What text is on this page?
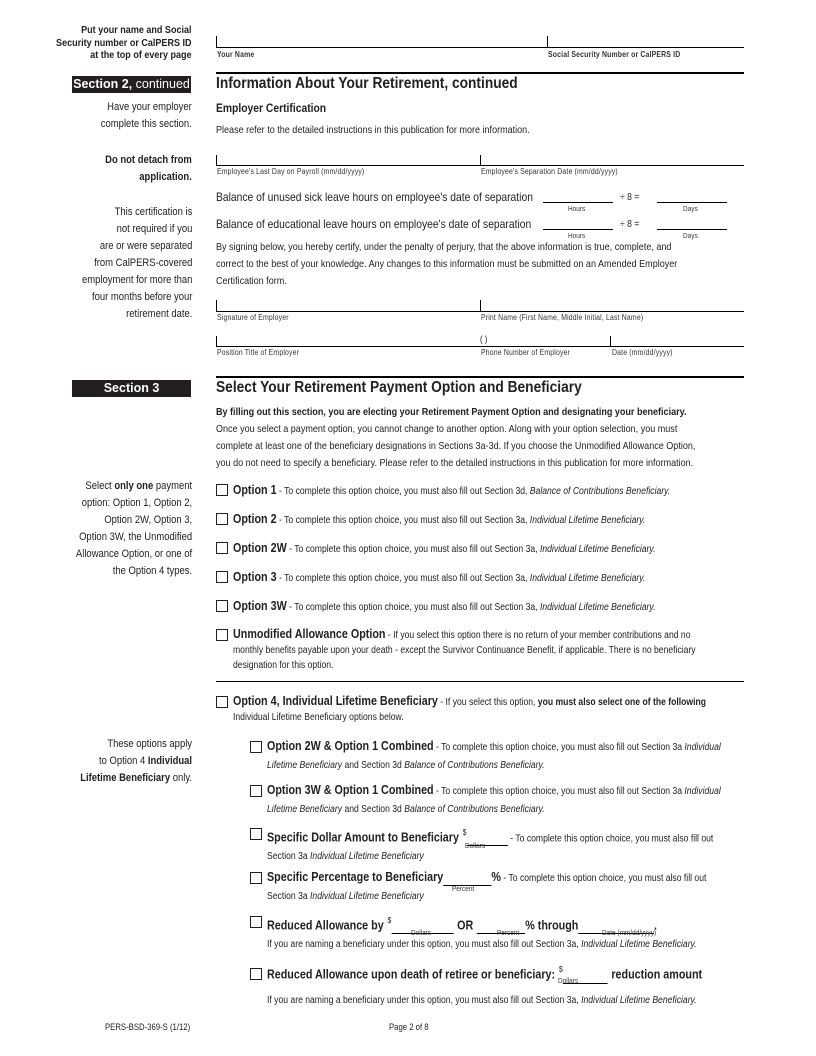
Put your name and Social
Security number or CalPERS ID
at the top of every page	Your Name	Social Security Number or CalPERS ID
Section 2, continued Information About Your Retirement, continued
Have your employer
complete this section.
Do not detach from
application.
This certification is
not required if you
are or were separated
from CalPERS-covered
employment for more than
four months before your
retirement date.
Employer Certification
Please refer to the detailed instructions in this publication for more information.
Employee's Last Day on Payroll (mm/dd/yyyy)	Employee's Separation Date (mm/dd/yyyy)
Balance of unused sick leave hours on employee's date of separation	÷ 8 =
Hours	Days
Balance of educational leave hours on employee's date of separation	÷ 8 =
Hours	Days
By signing below, you hereby certify, under the penalty of perjury, that the above information is true, complete, and
correct to the best of your knowledge. Any changes to this information must be submitted on an Amended Employer
Certification form.
Signature of Employer	Print Name (First Name, Middle Initial, Last Name)
( )
Position Title of Employer	Phone Number of Employer	Date (mm/dd/yyyy)
Section 3	Select Your Retirement Payment Option and Beneficiary
By filling out this section, you are electing your Retirement Payment Option and designating your beneficiary.
Once you select a payment option, you cannot change to another option. Along with your option selection, you must
complete at least one of the beneficiary designations in Sections 3a-3d. If you choose the Unmodified Allowance Option,
you do not need to specify a beneficiary. Please refer to the detailed instructions in this publication for more information.
Select only one payment
option: Option 1, Option 2,
Option 2W, Option 3,
Option 3W, the Unmodified
Allowance Option, or one of
the Option 4 types.
Option 1 - To complete this option choice, you must also fill out Section 3d, Balance of Contributions Beneficiary.
Option 2 - To complete this option choice, you must also fill out Section 3a, Individual Lifetime Beneficiary.
Option 2W - To complete this option choice, you must also fill out Section 3a, Individual Lifetime Beneficiary.
Option 3 - To complete this option choice, you must also fill out Section 3a, Individual Lifetime Beneficiary.
Option 3W - To complete this option choice, you must also fill out Section 3a, Individual Lifetime Beneficiary.
Unmodified Allowance Option - If you select this option there is no return of your member contributions and no
monthly benefits payable upon your death - except the Survivor Continuance Benefit, if applicable. There is no beneficiary
designation for this option.
Option 4, Individual Lifetime Beneficiary - If you select this option, you must also select one of the following
Individual Lifetime Beneficiary options below.
These options apply
to Option 4 Individual
Lifetime Beneficiary only.
Option 2W & Option 1 Combined - To complete this option choice, you must also fill out Section 3a Individual
Lifetime Beneficiary and Section 3d Balance of Contributions Beneficiary.
Option 3W & Option 1 Combined - To complete this option choice, you must also fill out Section 3a Individual
Lifetime Beneficiary and Section 3d Balance of Contributions Beneficiary.
Specific Dollar Amount to Beneficiary $  - To complete this option choice, you must also fill out
Section 3a Individual Lifetime Beneficiary
Dollars
Specific Percentage to Beneficiary	% - To complete this option choice, you must also fill out
Section 3a Individual Lifetime Beneficiary
Percent
Reduced Allowance by $	OR	% through	.
If you are naming a beneficiary under this option, you must also fill out Section 3a, Individual Lifetime Beneficiary.
Dollars	Percent	Date (mm/dd/yyyy)
Reduced Allowance upon death of retiree or beneficiary: $	reduction amount
Dollars
If you are naming a beneficiary under this option, you must also fill out Section 3a, Individual Lifetime Beneficiary.
PERS-BSD-369-S (1/12)	Page 2 of 8
